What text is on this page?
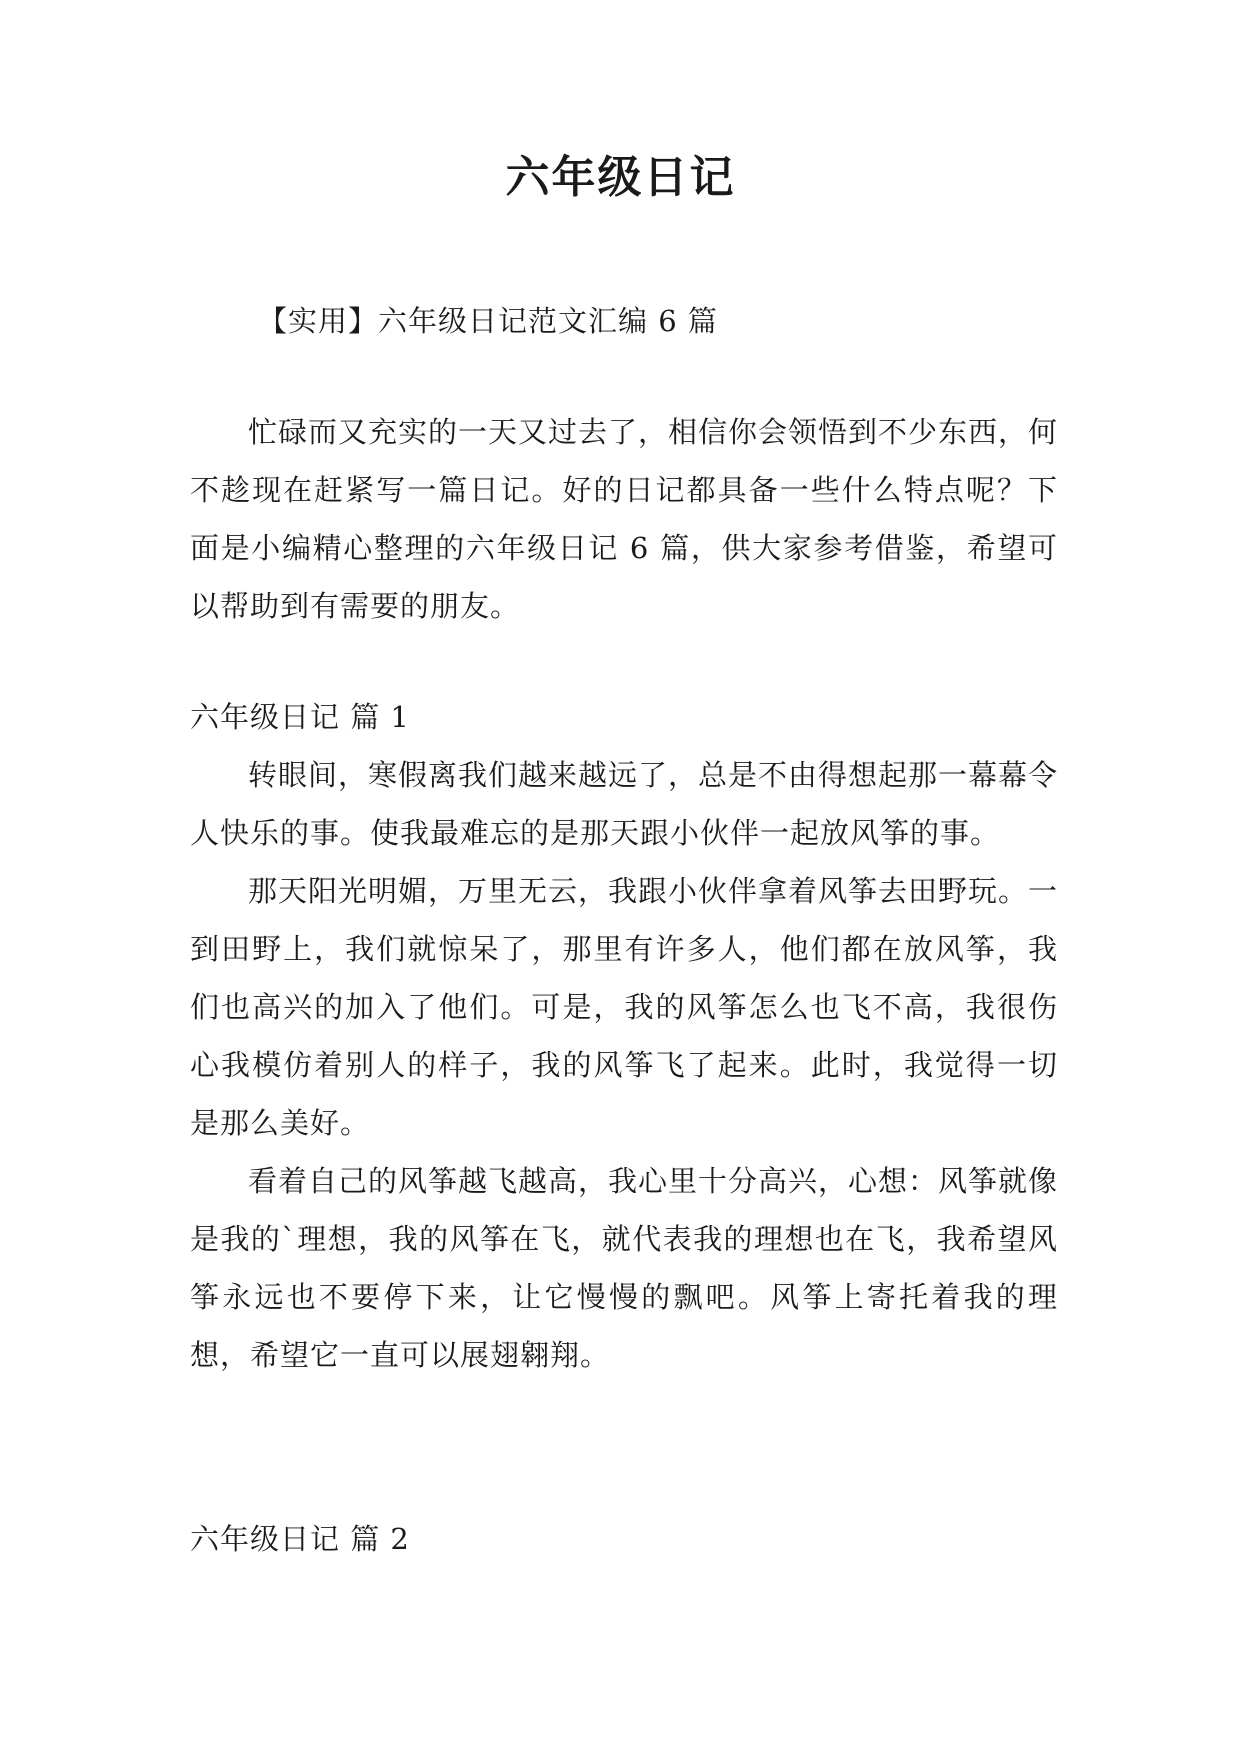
六年级日记
【实用】六年级日记范文汇编 6 篇

忙碌而又充实的一天又过去了，相信你会领悟到不少东西，何不趁现在赶紧写一篇日记。好的日记都具备一些什么特点呢？下面是小编精心整理的六年级日记 6 篇，供大家参考借鉴，希望可以帮助到有需要的朋友。

六年级日记 篇 1

转眼间，寒假离我们越来越远了，总是不由得想起那一幕幕令人快乐的事。使我最难忘的是那天跟小伙伴一起放风筝的事。

那天阳光明媚，万里无云，我跟小伙伴拿着风筝去田野玩。一到田野上，我们就惊呆了，那里有许多人，他们都在放风筝，我们也高兴的加入了他们。可是，我的风筝怎么也飞不高，我很伤心我模仿着别人的样子，我的风筝飞了起来。此时，我觉得一切是那么美好。

看着自己的风筝越飞越高，我心里十分高兴，心想：风筝就像是我的`理想，我的风筝在飞，就代表我的理想也在飞，我希望风筝永远也不要停下来，让它慢慢的飘吧。风筝上寄托着我的理想，希望它一直可以展翅翱翔。

六年级日记 篇 2
